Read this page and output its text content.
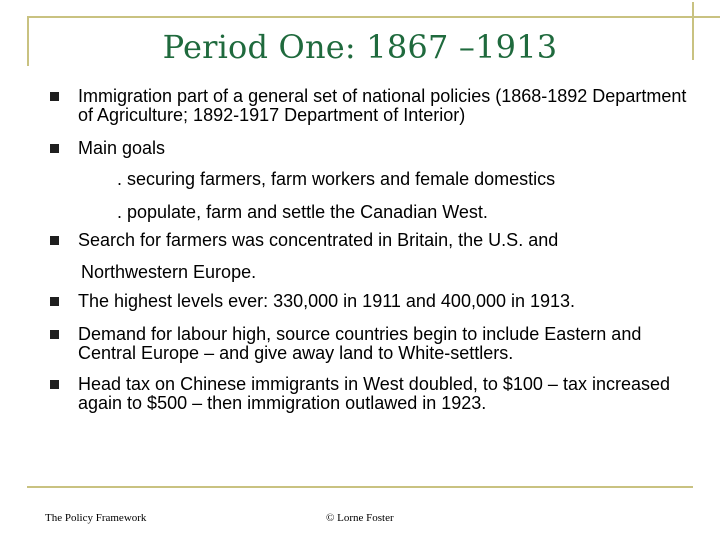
Period One: 1867 –1913
Immigration part of a general set of national policies (1868-1892 Department of Agriculture; 1892-1917 Department of Interior)
Main goals
. securing farmers, farm workers and female domestics
. populate, farm and settle the Canadian West.
Search for farmers was concentrated in Britain, the U.S. and
Northwestern Europe.
The highest levels ever: 330,000 in 1911 and 400,000 in 1913.
Demand for labour high, source countries begin to include Eastern and Central Europe – and give away land to White-settlers.
Head tax on Chinese immigrants in West doubled, to $100 – tax increased again to $500 – then immigration outlawed in 1923.
The Policy Framework	© Lorne Foster
